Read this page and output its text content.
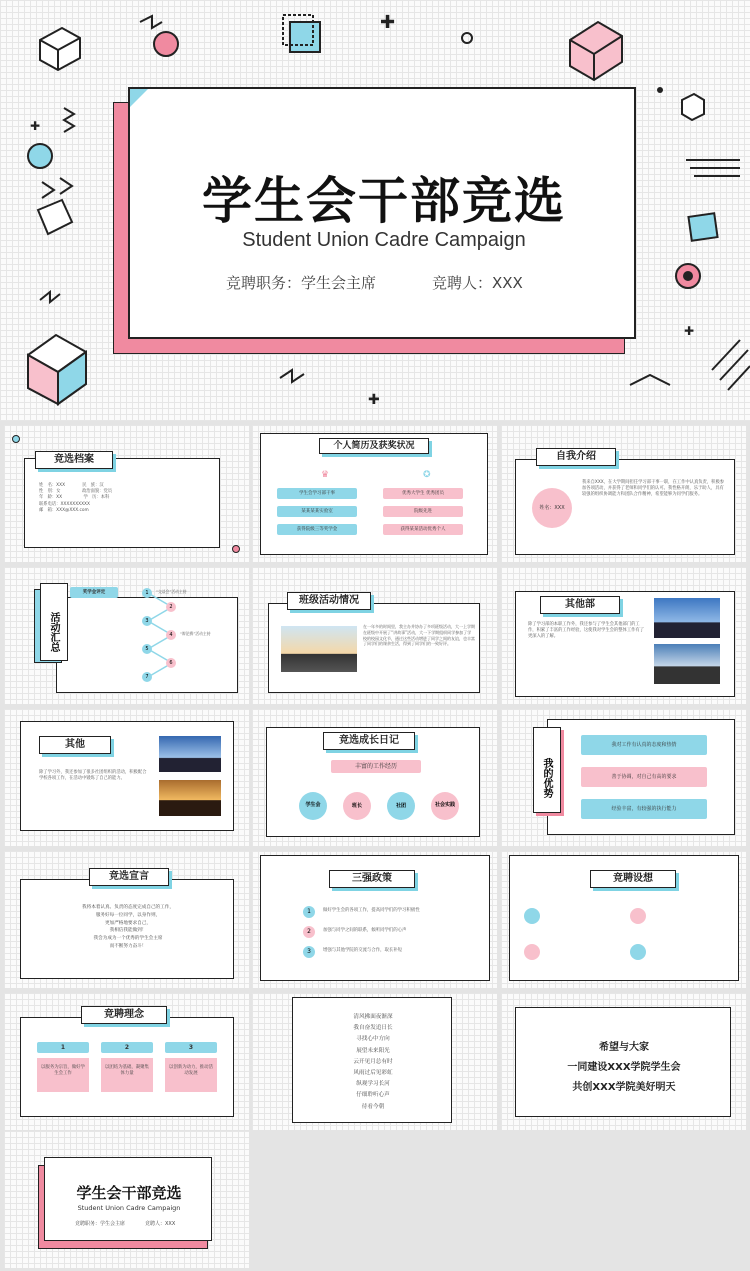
✚
✚
✚
✚
学生会干部竞选
Student Union Cadre Campaign
竞聘职务：学生会主席	竞聘人：XXX
竞选档案
姓　名：XXX　　　　民　族：汉
性　别：女　　　　　政治面貌：党员
年　龄：XX　　　　　学　历：本科
联系电话：XXXXXXXXXX
邮　箱：XXX@XXX.com
个人简历及获奖状况
学生会学习部干事
某某某某实验室
获得院级三等奖学金
优秀大学生 优秀团员
院级先进
获得某某活动优秀个人
♛	✪
自我介绍
姓名：XXX
我来自XXX，在大学期间担任学习部干事一职，在工作中认真负责，积极参加各项活动，并获得了老师和同学们的认可。我性格开朗，乐于助人，具有较强的组织协调能力和团队合作精神，希望能够为同学们服务。
活动汇总
奖学金评定	1
2
3
4
5
6
7
“交谈会”活动主持
“辩论赛”活动主持
班级活动情况
在一年多的时间里，我主办并协办了多项班级活动，大一上学期在班级中开展了“讲故事”活动，大一下学期组织同学参加了学校的校园文化节，通过这些活动增进了同学之间的友谊，也丰富了同学们的课余生活，得到了同学们的一致好评。
其他部
除了学习部的本职工作外，我还参与了学生会其他部门的工作，积累了丰富的工作经验，这使我对学生会的整体工作有了更深入的了解。
其他
除了学习外，我还参加了很多社团组织的活动，积极配合学校各项工作，在活动中锻炼了自己的能力。
竞选成长日记
丰富的工作经历
学生会	班长	社团	社会实践
我的优势
我对工作有认真的态度和热情
善于协调，对自己有高的要求
经验丰富，有较强的执行能力
竞选宣言
我将本着认真、负责的态度完成自己的工作，
服务好每一位同学，以身作则，
更加严格地要求自己，
我相信我能做到！
我会为成为一个优秀的学生会主席
而不断努力奋斗！
三强政策
1
2
3
做好学生会的各项工作，提高同学们的学习积极性
加强与同学之间的联系，倾听同学们的心声
增强与其他学院的交流与合作，取长补短
竞聘设想
竞聘理念
1	2	3
以服务为宗旨，做好学生会工作
以团结为基础，凝聚集体力量
以创新为动力，推动活动发展
清风拂面夜渐深
我自奋发追日长
寻找心中方向
展望未来阳光
云开见月总有时
风雨过后见彩虹
纵观学习长河
仔细聆听心声
待看今朝
希望与大家
一同建设XXX学院学生会
共创XXX学院美好明天
学生会干部竞选
Student Union Cadre Campaign
竞聘职务：学生会主席	竞聘人：XXX
